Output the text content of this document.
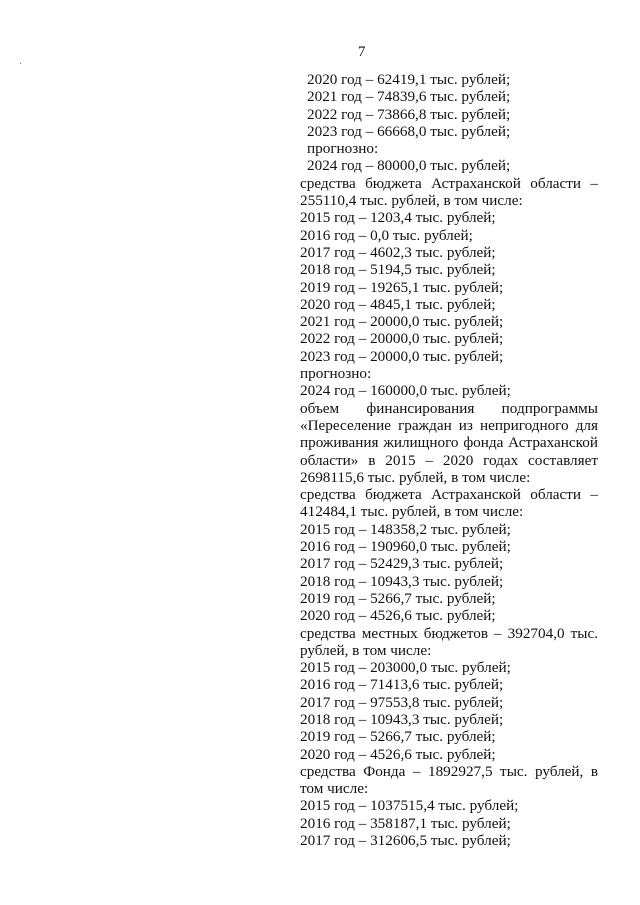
7
2020 год – 62419,1 тыс. рублей;
2021 год – 74839,6 тыс. рублей;
2022 год – 73866,8 тыс. рублей;
2023 год – 66668,0 тыс. рублей;
прогнозно:
2024 год – 80000,0 тыс. рублей;
средства бюджета Астраханской области –
255110,4 тыс. рублей, в том числе:
2015 год – 1203,4 тыс. рублей;
2016 год – 0,0 тыс. рублей;
2017 год – 4602,3 тыс. рублей;
2018 год – 5194,5 тыс. рублей;
2019 год – 19265,1 тыс. рублей;
2020 год – 4845,1 тыс. рублей;
2021 год – 20000,0 тыс. рублей;
2022 год – 20000,0 тыс. рублей;
2023 год – 20000,0 тыс. рублей;
прогнозно:
2024 год – 160000,0 тыс. рублей;
объем финансирования подпрограммы
«Переселение граждан из непригодного для
проживания жилищного фонда Астраханской
области» в 2015 – 2020 годах составляет
2698115,6 тыс. рублей, в том числе:
средства бюджета Астраханской области –
412484,1 тыс. рублей, в том числе:
2015 год – 148358,2 тыс. рублей;
2016 год – 190960,0 тыс. рублей;
2017 год – 52429,3 тыс. рублей;
2018 год – 10943,3 тыс. рублей;
2019 год – 5266,7 тыс. рублей;
2020 год – 4526,6 тыс. рублей;
средства местных бюджетов – 392704,0 тыс.
рублей, в том числе:
2015 год – 203000,0 тыс. рублей;
2016 год – 71413,6 тыс. рублей;
2017 год – 97553,8 тыс. рублей;
2018 год – 10943,3 тыс. рублей;
2019 год – 5266,7 тыс. рублей;
2020 год – 4526,6 тыс. рублей;
средства Фонда – 1892927,5 тыс. рублей, в
том числе:
2015 год – 1037515,4 тыс. рублей;
2016 год – 358187,1 тыс. рублей;
2017 год – 312606,5 тыс. рублей;
